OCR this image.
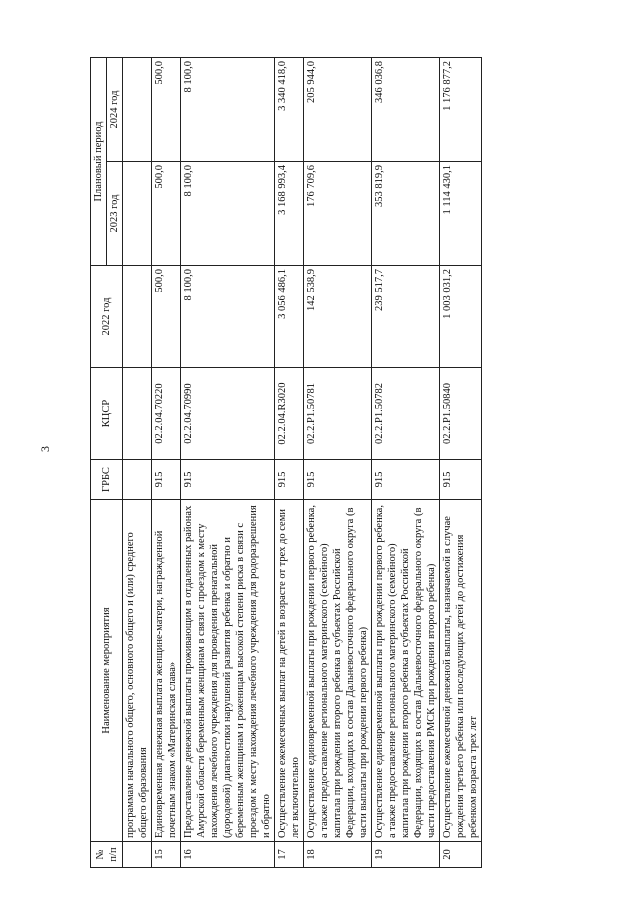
3
№ п/п	Наименование мероприятия	ГРБС	КЦСР	2022 год	Плановый период	
					2023 год	2024 год
	программам начального общего, основного общего и (или) среднего общего образования					
15	Единовременная денежная выплата женщине-матери, награжденной почетным знаком «Материнская слава»	915	02.2.04.70220	500,0	500,0	500,0
16	Предоставление денежной выплаты проживающим в отдаленных районах Амурской области беременным женщинам в связи с проездом к месту нахождения лечебного учреждения для проведения пренатальной (дородовой) диагностики нарушений развития ребенка и обратно и беременным женщинам и роженицам высокой степени риска в связи с проездом к месту нахождения лечебного учреждения для родоразрешения и обратно	915	02.2.04.70990	8 100,0	8 100,0	8 100,0
17	Осуществление ежемесячных выплат на детей в возрасте от трех до семи лет включительно	915	02.2.04.R3020	3 056 486,1	3 168 993,4	3 340 418,0
18	Осуществление единовременной выплаты при рождении первого ребенка, а также предоставление регионального материнского (семейного) капитала при рождении второго ребенка в субъектах Российской Федерации, входящих в состав Дальневосточного федерального округа (в части выплаты при рождении первого ребенка)	915	02.2.P1.50781	142 538,9	176 709,6	205 944,0
19	Осуществление единовременной выплаты при рождении первого ребенка, а также предоставление регионального материнского (семейного) капитала при рождении второго ребенка в субъектах Российской Федерации, входящих в состав Дальневосточного федерального округа (в части предоставления РМСК при рождении второго ребенка)	915	02.2.P1.50782	239 517,7	353 819,9	346 036,8
20	Осуществление ежемесячной денежной выплаты, назначаемой в случае рождения третьего ребенка или последующих детей до достижения ребенком возраста трех лет	915	02.2.P1.50840	1 003 031,2	1 114 430,1	1 176 877,2
